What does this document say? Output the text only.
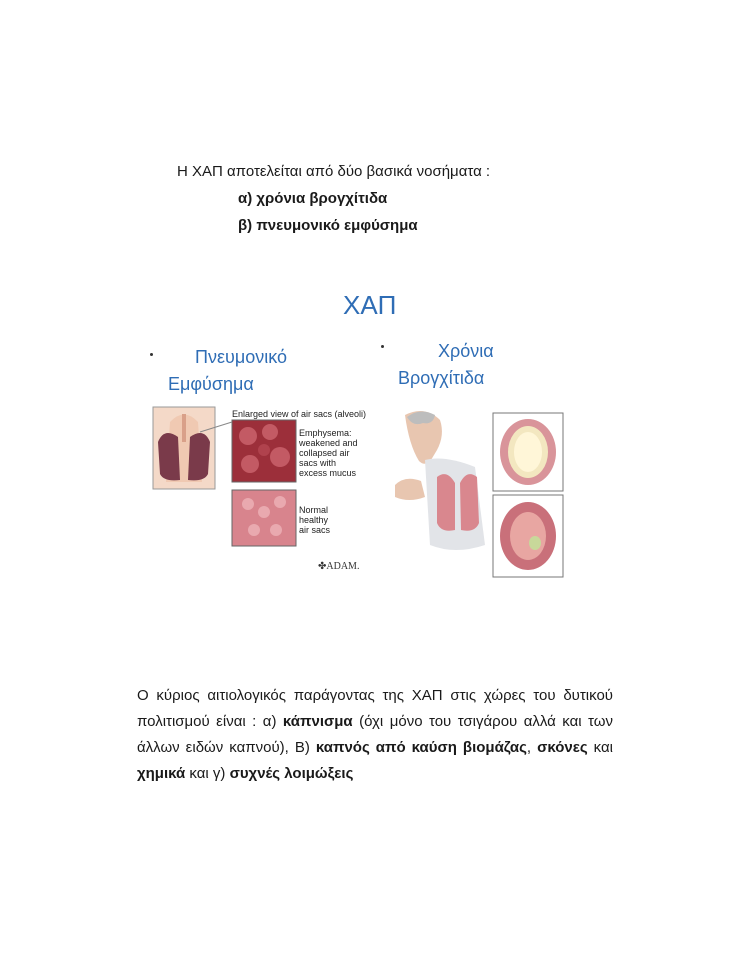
Η ΧΑΠ αποτελείται από δύο βασικά νοσήματα :
α) χρόνια βρογχίτιδα
β) πνευμονικό εμφύσημα
ΧΑΠ
Πνευμονικό
Εμφύσημα
Χρόνια
Βρογχίτιδα
Enlarged view of air sacs (alveoli)
Emphysema:
weakened and
collapsed air
sacs with
excess mucus
Normal
healthy
air sacs
✤ADAM.
Ο κύριος αιτιολογικός παράγοντας της ΧΑΠ στις χώρες του δυτικού πολιτισμού είναι : α) κάπνισμα (όχι μόνο του τσιγάρου αλλά και των άλλων ειδών καπνού), Β) καπνός από καύση βιομάζας, σκόνες και χημικά και γ) συχνές λοιμώξεις
